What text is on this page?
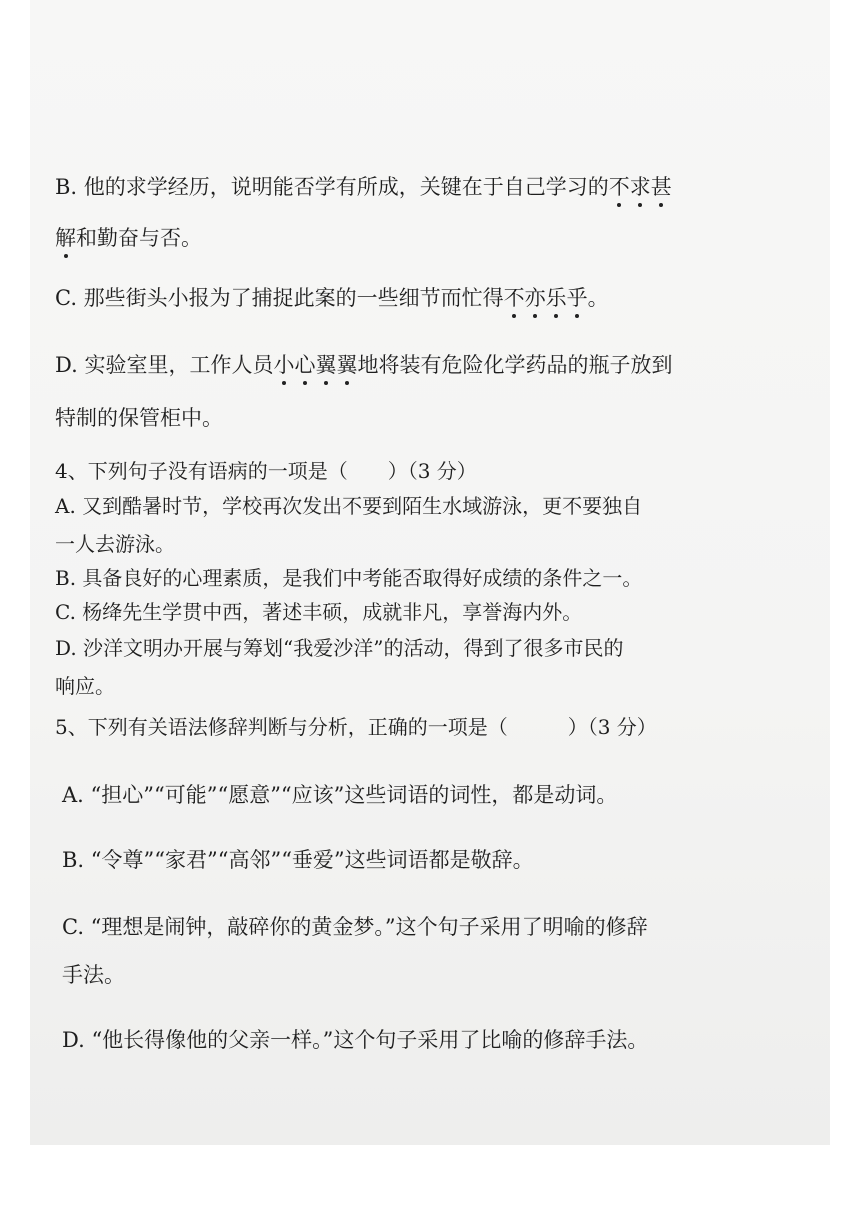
B. 他的求学经历，说明能否学有所成，关键在于自己学习的不求甚
解和勤奋与否。
C. 那些街头小报为了捕捉此案的一些细节而忙得不亦乐乎。
D. 实验室里，工作人员小心翼翼地将装有危险化学药品的瓶子放到
特制的保管柜中。
4、下列句子没有语病的一项是（　　）（3 分）
A. 又到酷暑时节，学校再次发出不要到陌生水域游泳，更不要独自
一人去游泳。
B. 具备良好的心理素质，是我们中考能否取得好成绩的条件之一。
C. 杨绛先生学贯中西，著述丰硕，成就非凡，享誉海内外。
D. 沙洋文明办开展与筹划“我爱沙洋”的活动，得到了很多市民的
响应。
5、下列有关语法修辞判断与分析，正确的一项是（　　　）（3 分）
A. “担心”“可能”“愿意”“应该”这些词语的词性，都是动词。
B. “令尊”“家君”“高邻”“垂爱”这些词语都是敬辞。
C. “理想是闹钟，敲碎你的黄金梦。”这个句子采用了明喻的修辞
手法。
D. “他长得像他的父亲一样。”这个句子采用了比喻的修辞手法。
